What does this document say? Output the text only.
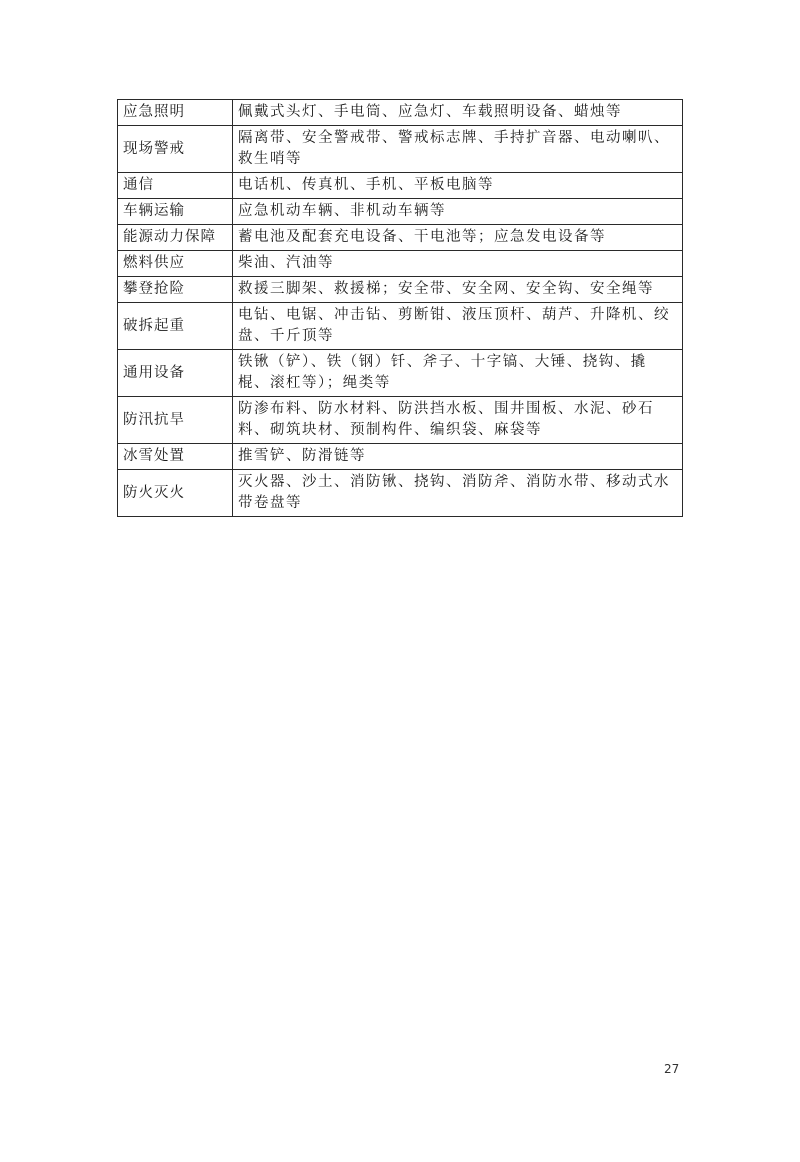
应急照明	佩戴式头灯、手电筒、应急灯、车载照明设备、蜡烛等
现场警戒	隔离带、安全警戒带、警戒标志牌、手持扩音器、电动喇叭、救生哨等
通信	电话机、传真机、手机、平板电脑等
车辆运输	应急机动车辆、非机动车辆等
能源动力保障	蓄电池及配套充电设备、干电池等；应急发电设备等
燃料供应	柴油、汽油等
攀登抢险	救援三脚架、救援梯；安全带、安全网、安全钩、安全绳等
破拆起重	电钻、电锯、冲击钻、剪断钳、液压顶杆、葫芦、升降机、绞盘、千斤顶等
通用设备	铁锹（铲）、铁（钢）钎、斧子、十字镐、大锤、挠钩、撬棍、滚杠等）；绳类等
防汛抗旱	防渗布料、防水材料、防洪挡水板、围井围板、水泥、砂石料、砌筑块材、预制构件、编织袋、麻袋等
冰雪处置	推雪铲、防滑链等
防火灭火	灭火器、沙土、消防锹、挠钩、消防斧、消防水带、移动式水带卷盘等
27
